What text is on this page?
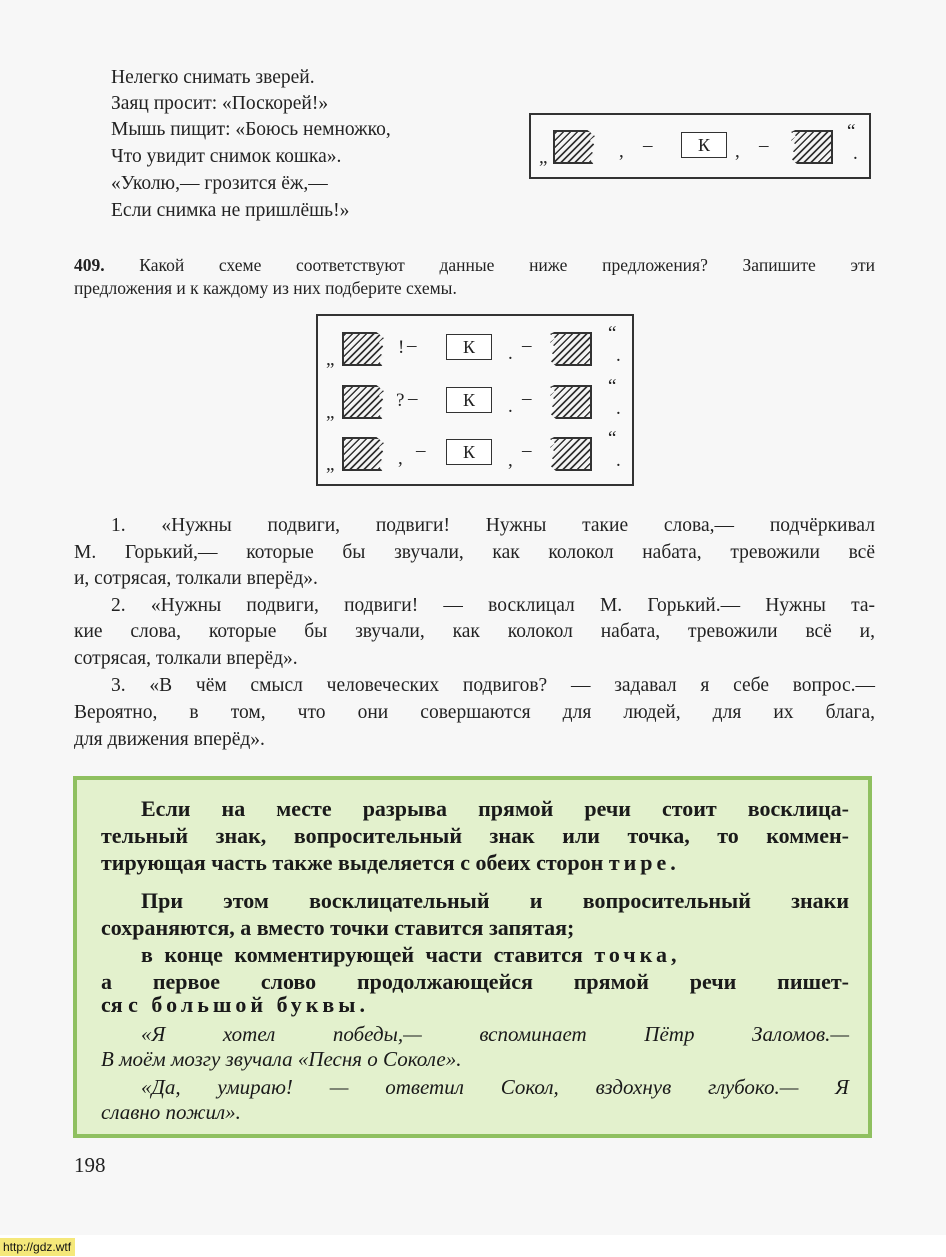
Нелегко снимать зверей.
Заяц просит: «Поскорей!»
Мышь пищит: «Боюсь немножко,
Что увидит снимок кошка».
«Уколю,— грозится ёж,—
Если снимка не пришлёшь!»
„	, –	К	, –
“
.
409. Какой схеме соответствуют данные ниже предложения? Запишите эти
предложения и к каждому из них подберите схемы.
„
! –	К	. –
“
.
„
? –	К	. –
“
.
„	, –	К	, –
“
.
1. «Нужны подвиги, подвиги! Нужны такие слова,— подчёркивал
М. Горький,— которые бы звучали, как колокол набата, тревожили всё
и, сотрясая, толкали вперёд».
2. «Нужны подвиги, подвиги! — восклицал М. Горький.— Нужны та-
кие слова, которые бы звучали, как колокол набата, тревожили всё и,
сотрясая, толкали вперёд».
3. «В чём смысл человеческих подвигов? — задавал я себе вопрос.—
Вероятно, в том, что они совершаются для людей, для их блага,
для движения вперёд».
Если на месте разрыва прямой речи стоит восклица-
тельный знак, вопросительный знак или точка, то коммен-
тирующая часть также выделяется с обеих сторон тире.
При этом восклицательный и вопросительный знаки
сохраняются, а вместо точки ставится запятая;
в конце комментирующей части ставится точка,
а первое слово продолжающейся прямой речи пишет-
ся с большой буквы.
«Я хотел победы,— вспоминает Пётр Заломов.—
В моём мозгу звучала «Песня о Соколе».
«Да, умираю! — ответил Сокол, вздохнув глубоко.— Я
славно пожил».
198
http://gdz.wtf
